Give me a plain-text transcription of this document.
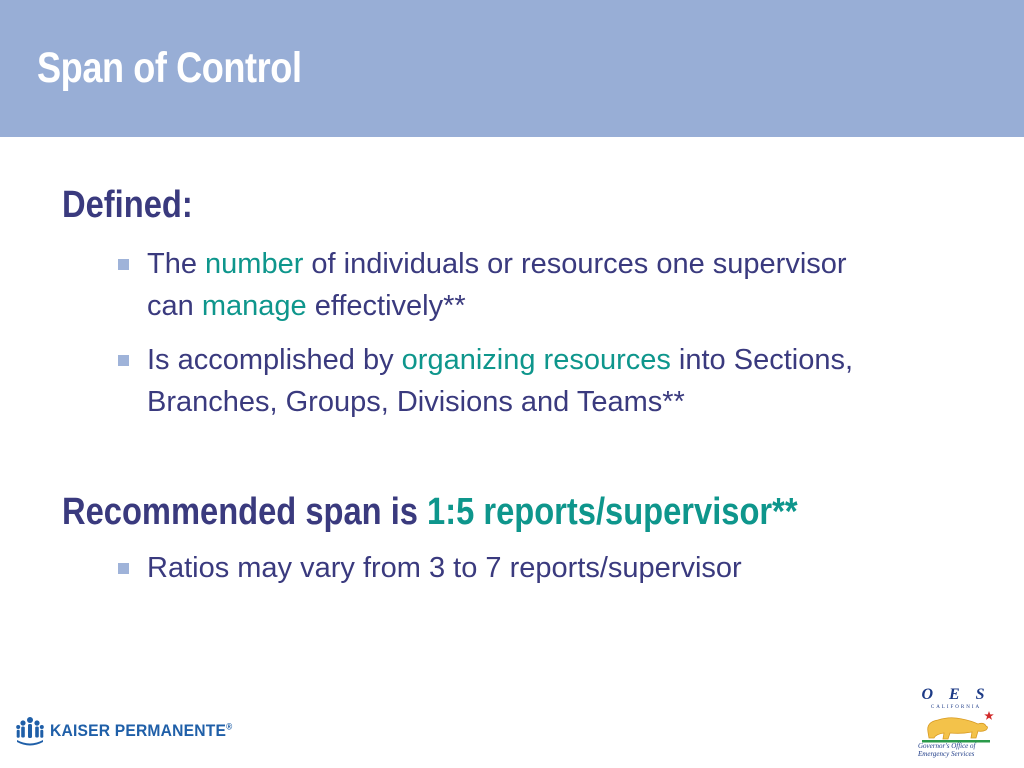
Span of Control
Defined:
The number of individuals or resources one supervisor can manage effectively**
Is accomplished by organizing resources into Sections, Branches, Groups, Divisions and Teams**
Recommended span is 1:5 reports/supervisor**
Ratios may vary from 3 to 7 reports/supervisor
KAISER PERMANENTE®
O E S
CALIFORNIA
Governor's Office of Emergency Services
